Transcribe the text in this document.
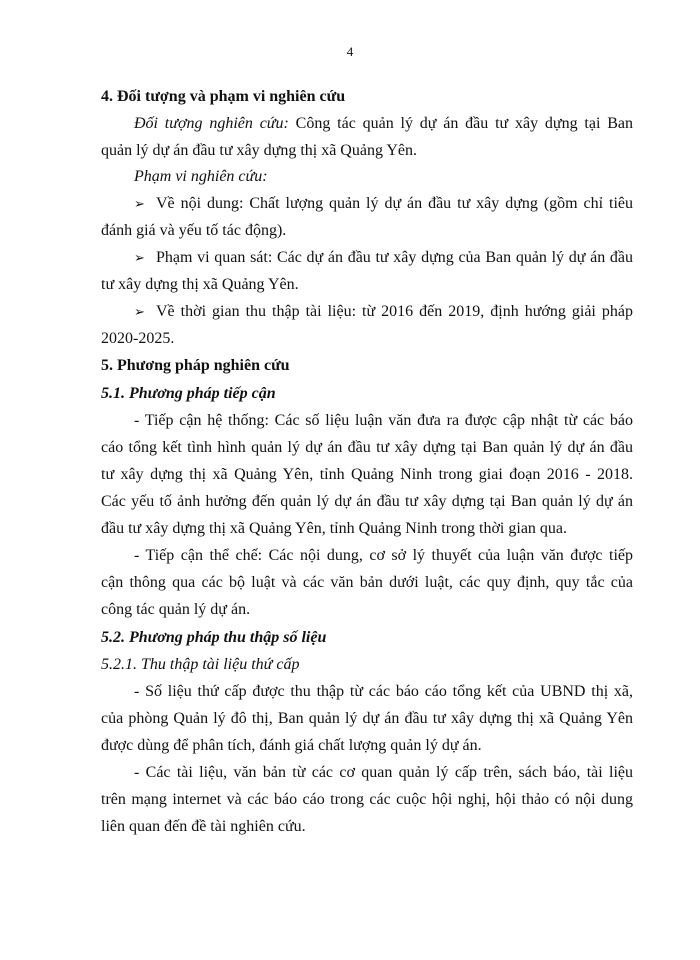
4
4. Đối tượng và phạm vi nghiên cứu
Đối tượng nghiên cứu: Công tác quản lý dự án đầu tư xây dựng tại Ban
quản lý dự án đầu tư xây dựng thị xã Quảng Yên.
Phạm vi nghiên cứu:
➢ Về nội dung: Chất lượng quản lý dự án đầu tư xây dựng (gồm chỉ tiêu
đánh giá và yếu tố tác động).
➢ Phạm vi quan sát: Các dự án đầu tư xây dựng của Ban quản lý dự án đầu
tư xây dựng thị xã Quảng Yên.
➢ Về thời gian thu thập tài liệu: từ 2016 đến 2019, định hướng giải pháp
2020-2025.
5. Phương pháp nghiên cứu
5.1. Phương pháp tiếp cận
- Tiếp cận hệ thống: Các số liệu luận văn đưa ra được cập nhật từ các báo
cáo tổng kết tình hình quản lý dự án đầu tư xây dựng tại Ban quản lý dự án đầu
tư xây dựng thị xã Quảng Yên, tỉnh Quảng Ninh trong giai đoạn 2016 - 2018.
Các yếu tố ảnh hưởng đến quản lý dự án đầu tư xây dựng tại Ban quản lý dự án
đầu tư xây dựng thị xã Quảng Yên, tỉnh Quảng Ninh trong thời gian qua.
- Tiếp cận thể chế: Các nội dung, cơ sở lý thuyết của luận văn được tiếp
cận thông qua các bộ luật và các văn bản dưới luật, các quy định, quy tắc của
công tác quản lý dự án.
5.2. Phương pháp thu thập số liệu
5.2.1. Thu thập tài liệu thứ cấp
- Số liệu thứ cấp được thu thập từ các báo cáo tổng kết của UBND thị xã,
của phòng Quản lý đô thị, Ban quản lý dự án đầu tư xây dựng thị xã Quảng Yên
được dùng để phân tích, đánh giá chất lượng quản lý dự án.
- Các tài liệu, văn bản từ các cơ quan quản lý cấp trên, sách báo, tài liệu
trên mạng internet và các báo cáo trong các cuộc hội nghị, hội thảo có nội dung
liên quan đến đề tài nghiên cứu.
